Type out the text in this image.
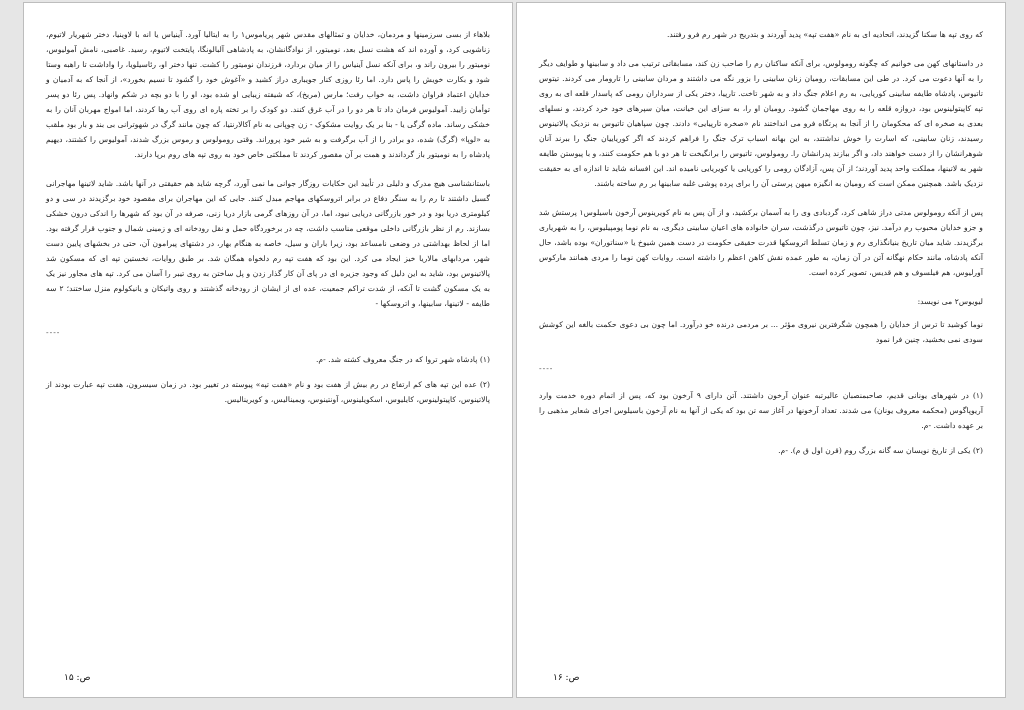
بلاهاء از بسی سرزمینها و مردمان، خدایان و تمثالهای مقدس شهر پریاموس۱ را به ایتالیا آورد. آینیاس یا انه با لاوینیا، دختر شهریار لاتیوم، زناشویی کرد، و آورده اند که هشت نسل بعد، نومیتور، از نوادگانشان، به پادشاهی آلبالونگا، پایتخت لاتیوم، رسید. غاصبی، نامش آمولیوس، نومیتور را بیرون راند و، برای آنکه نسل آینیاس را از میان بردارد، فرزندان نومیتور را کشت. تنها دختر او، رئاسیلویا، را واداشت تا راهبه وستا شود و بکارت خویش را پاس دارد. اما رئا روزی کنار جویباری دراز کشید و «آغوش خود را گشود تا نسیم بخورد»، از آنجا که به آدمیان و خدایان اعتماد فراوان داشت، به خواب رفت؛ مارس (مریخ)، که شیفته زیبایی او شده بود، او را با دو بچه در شکم وانهاد. پس رئا دو پسر توأمان زایید. آمولیوس فرمان داد تا هر دو را در آب غرق کنند. دو کودک را بر تخته پاره ای روی آب رها کردند، اما امواج مهربان آنان را به خشکی رساند. ماده گرگی یا - بنا بر یک روایت مشکوک - زن چوپانی به نام آکالارنتیا، که چون مانند گرگ در شهوترانی بی بند و بار بود ملقب به «لوپا» (گرگ) شده، دو برادر را از آب برگرفت و به شیر خود پروراند. وقتی رومولوس و رموس بزرگ شدند، آمولیوس را کشتند، دیهیم پادشاه را به نومیتور باز گرداندند و همت بر آن مقصور کردند تا مملکتی خاص خود به روی تپه های روم برپا دارند.

باستانشناسی هیچ مدرک و دلیلی در تأیید این حکایات روزگار جوانی ما نمی آورد، گرچه شاید هم حقیقتی در آنها باشد. شاید لاتینها مهاجرانی گسیل داشتند تا رم را به سنگر دفاع در برابر اتروسکهای مهاجم مبدل کنند. جایی که این مهاجران برای مقصود خود برگزیدند در سی و دو کیلومتری دریا بود و در خور بازرگانی دریایی نبود، اما، در آن روزهای گرمی بازار دریا زنی، صرفه در آن بود که شهرها را اندکی درون خشکی بسازند. رم از نظر بازرگانی داخلی موقعی مناسب داشت، چه در برخوردگاه حمل و نقل رودخانه ای و زمینی شمال و جنوب قرار گرفته بود. اما از لحاظ بهداشتی در وضعی نامساعد بود، زیرا باران و سیل، خاصه به هنگام بهار، در دشتهای پیرامون آن، حتی در بخشهای پایین دست شهر، مردابهای مالاریا خیز ایجاد می کرد. این بود که هفت تپه رم دلخواه همگان شد. بر طبق روایات، نخستین تپه ای که مسکون شد پالاتینوس بود، شاید به این دلیل که وجود جزیره ای در پای آن کار گذار زدن و پل ساختن به روی تیبر را آسان می کرد. تپه های مجاور نیز یک به یک مسکون گشت تا آنکه، از شدت تراکم جمعیت، عده ای از ایشان از رودخانه گذشتند و روی واتیکان و یانیکولوم منزل ساختند؛ ۲ سه طایفه - لاتینها، سابینها، و اتروسکها -

----

(۱) پادشاه شهر تروا که در جنگ معروف کشته شد. -م.

(۲) عده این تپه های کم ارتفاع در رم بیش از هفت بود و نام «هفت تپه» پیوسته در تغییر بود. در زمان سیسرون، هفت تپه عبارت بودند از پالاتینوس، کاپیتولینوس، کایلیوس، اسکویلینوس، آونتینوس، ویمینالیس، و کویرینالیس.

ص: ۱۵

که روی تپه ها سکنا گزیدند، اتحادیه ای به نام «هفت تپه» پدید آوردند و بتدریج در شهر رم فرو رفتند.

در داستانهای کهن می خوانیم که چگونه رومولوس، برای آنکه ساکنان رم را صاحب زن کند، مسابقاتی ترتیب می داد و سابینها و طوایف دیگر را به آنها دعوت می کرد. در طی این مسابقات، رومیان زنان سابینی را بزور نگه می داشتند و مردان سابینی را تارومار می کردند. تیتوس تاتیوس، پادشاه طایفه سابینی کوریایی، به رم اعلام جنگ داد و به شهر تاخت. تارپیا، دختر یکی از سرداران رومی که پاسدار قلعه ای به روی تپه کاپیتولینوس بود، دروازه قلعه را به روی مهاجمان گشود. رومیان او را، به سزای این خیانت، میان سپرهای خود خرد کردند، و نسلهای بعدی به صخره ای که محکومان را از آنجا به پرتگاه فرو می انداختند نام «صخره تارپیایی» دادند. چون سپاهیان تاتیوس به نزدیک پالاتینوس رسیدند، زنان سابینی، که اسارت را خوش نداشتند، به این بهانه اسباب ترک جنگ را فراهم کردند که اگر کوریاییان جنگ را ببرند آنان شوهرانشان را از دست خواهند داد، و اگر ببازند پدرانشان را. رومولوس، تاتیوس را برانگیخت تا هر دو با هم حکومت کنند، و با پیوستن طایفه شهر به لاتینها، مملکت واحد پدید آوردند؛ از آن پس، آزادگان رومی را کوریایی یا کویریایی نامیده اند. این افسانه شاید تا اندازه ای به حقیقت نزدیک باشد. همچنین ممکن است که رومیان به انگیزه میهن پرستی آن را برای پرده پوشی غلبه سابینها بر رم ساخته باشند.

پس از آنکه رومولوس مدتی دراز شاهی کرد، گردبادی وی را به آسمان برکشید، و از آن پس به نام کویرینوس آرخون باسیلوس۱ پرستش شد و جزو خدایان محبوب رم درآمد. نیز، چون تاتیوس درگذشت، سران خانواده های اعیان سابینی دیگری، به نام نوما پومپیلیوس، را به شهریاری برگزیدند. شاید میان تاریخ بنیانگذاری رم و زمان تسلط اتروسکها قدرت حقیقی حکومت در دست همین شیوخ یا «سناتوران» بوده باشد، حال آنکه پادشاه، مانند حکام نهگانه آتن در آن زمان، به طور عمده نقش کاهن اعظم را داشته است. روایات کهن نوما را مردی همانند مارکوس آورلیوس، هم فیلسوف و هم قدیس، تصویر کرده است.

لیویوس۲ می نویسد:

نوما کوشید تا ترس از خدایان را همچون شگرفترین نیروی مؤثر ... بر مردمی درنده خو درآورد. اما چون بی دعوی حکمت بالغه این کوشش سودی نمی بخشید، چنین فرا نمود

----

(۱) در شهرهای یونانی قدیم، صاحبمنصبان عالیرتبه عنوان آرخون داشتند. آتن دارای ۹ آرخون بود که، پس از اتمام دوره خدمت وارد آریوپاگوس (محکمه معروف یونان) می شدند. تعداد آرخونها در آغاز سه تن بود که یکی از آنها به نام آرخون باسیلوس اجرای شعایر مذهبی را بر عهده داشت. -م.

(۲) یکی از تاریخ نویسان سه گانه بزرگ روم (قرن اول ق م). -م.

ص: ۱۶
